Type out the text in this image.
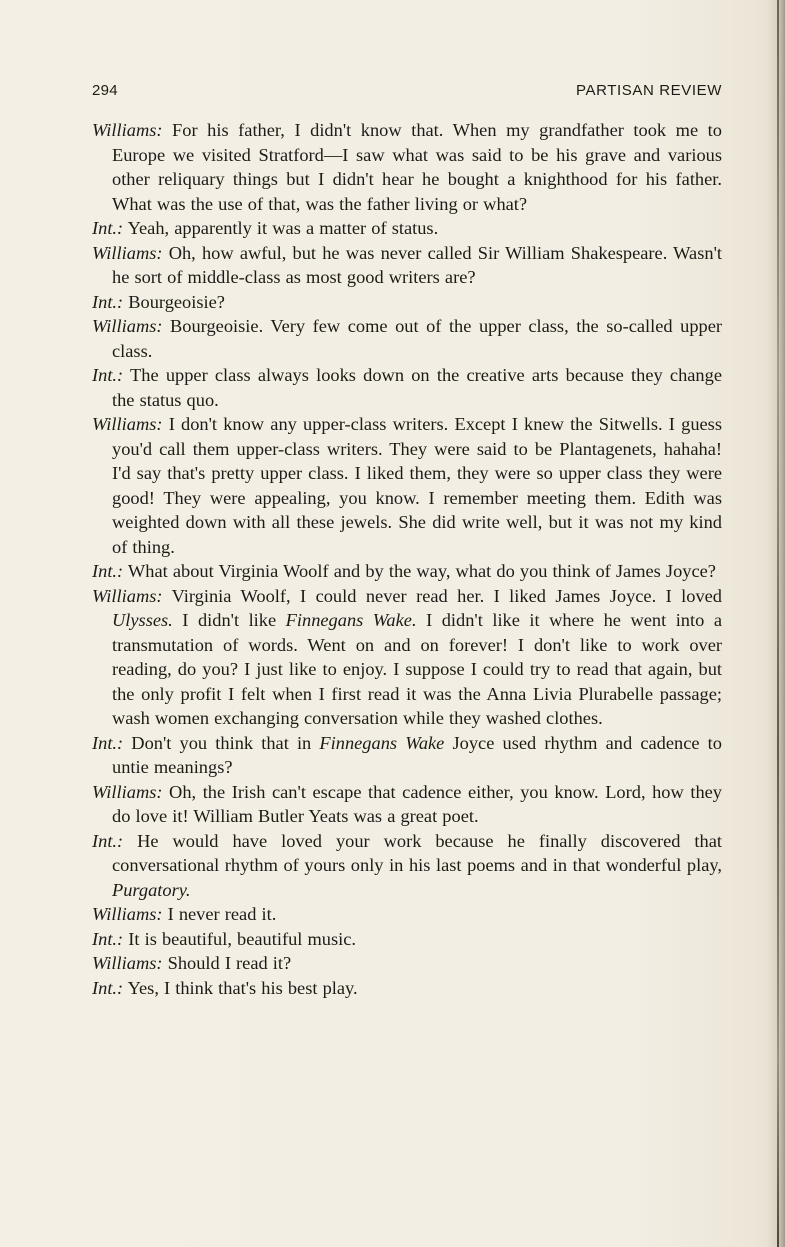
294	PARTISAN REVIEW

Williams: For his father, I didn't know that. When my grandfather took me to Europe we visited Stratford—I saw what was said to be his grave and various other reliquary things but I didn't hear he bought a knighthood for his father. What was the use of that, was the father living or what?

Int.: Yeah, apparently it was a matter of status.

Williams: Oh, how awful, but he was never called Sir William Shakespeare. Wasn't he sort of middle-class as most good writers are?

Int.: Bourgeoisie?

Williams: Bourgeoisie. Very few come out of the upper class, the so-called upper class.

Int.: The upper class always looks down on the creative arts because they change the status quo.

Williams: I don't know any upper-class writers. Except I knew the Sitwells. I guess you'd call them upper-class writers. They were said to be Plantagenets, hahaha! I'd say that's pretty upper class. I liked them, they were so upper class they were good! They were appealing, you know. I remember meeting them. Edith was weighted down with all these jewels. She did write well, but it was not my kind of thing.

Int.: What about Virginia Woolf and by the way, what do you think of James Joyce?

Williams: Virginia Woolf, I could never read her. I liked James Joyce. I loved Ulysses. I didn't like Finnegans Wake. I didn't like it where he went into a transmutation of words. Went on and on forever! I don't like to work over reading, do you? I just like to enjoy. I suppose I could try to read that again, but the only profit I felt when I first read it was the Anna Livia Plurabelle passage; wash women exchanging conversation while they washed clothes.

Int.: Don't you think that in Finnegans Wake Joyce used rhythm and cadence to untie meanings?

Williams: Oh, the Irish can't escape that cadence either, you know. Lord, how they do love it! William Butler Yeats was a great poet.

Int.: He would have loved your work because he finally discovered that conversational rhythm of yours only in his last poems and in that wonderful play, Purgatory.

Williams: I never read it.

Int.: It is beautiful, beautiful music.

Williams: Should I read it?

Int.: Yes, I think that's his best play.
